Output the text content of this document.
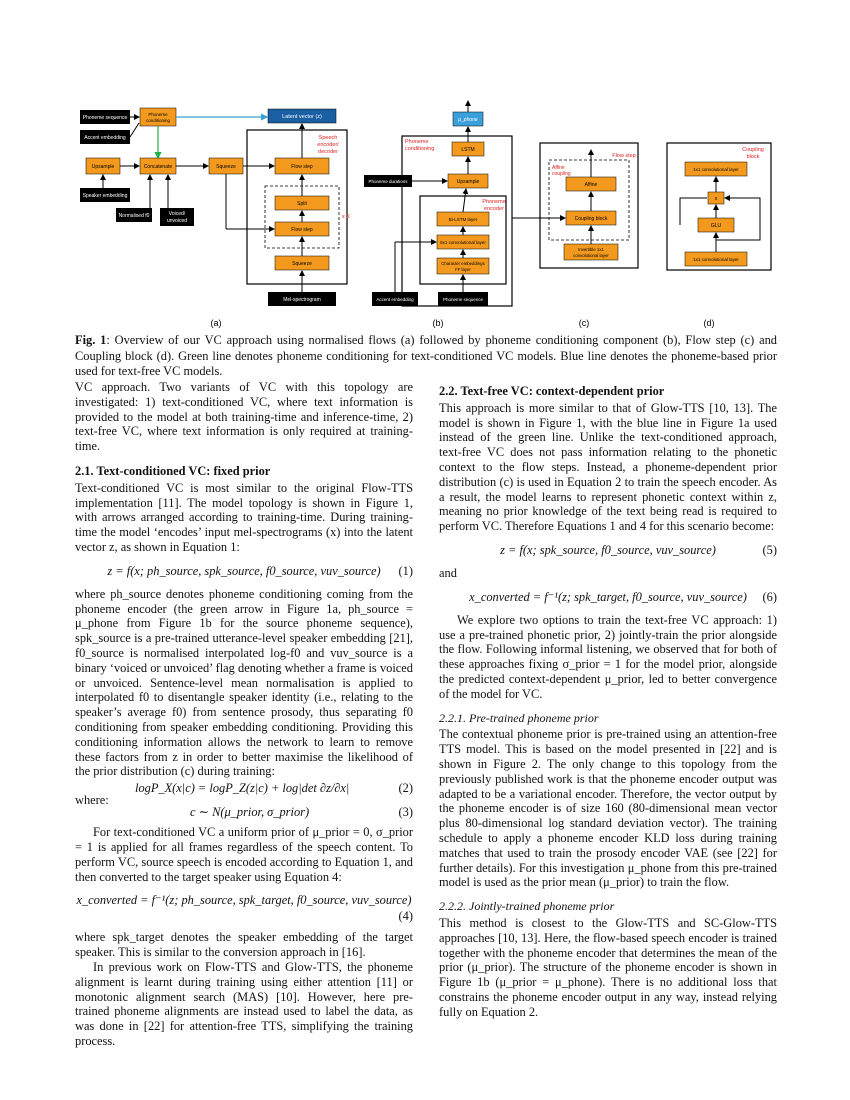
Phoneme sequence
Accent embedding
Phoneme
conditioning
Latent vector (z)
Speech
encoder/
decoder
Upsample	Concatenate	Squeeze	Flow step
Speaker embedding
Normalised f0	Voiced/
unvoiced
x K
Split
Flow step
Squeeze
Mel-spectrogram
(a)
μ_phone
Phoneme
conditioning	LSTM
Phoneme durations	Upsample
Phoneme
encoder
Bi-LSTM layer
8x1 convolutional layer
Character embeddings
FF layer
Accent embedding	Phoneme sequence
(b)
Flow step
Affine
coupling
Affine
Coupling block
Invertible 1x1
convolutional layer
(c)
Coupling
block
1x1 convolutional layer
x
GLU
1x1 convolutional layer
(d)
Fig. 1: Overview of our VC approach using normalised flows (a) followed by phoneme conditioning component (b), Flow step (c) and Coupling block (d). Green line denotes phoneme conditioning for text-conditioned VC models. Blue line denotes the phoneme-based prior used for text-free VC models.

VC approach. Two variants of VC with this topology are investigated: 1) text-conditioned VC, where text information is provided to the model at both training-time and inference-time, 2) text-free VC, where text information is only required at training-time.

2.1. Text-conditioned VC: fixed prior

Text-conditioned VC is most similar to the original Flow-TTS implementation [11]. The model topology is shown in Figure 1, with arrows arranged according to training-time. During training-time the model ‘encodes’ input mel-spectrograms (x) into the latent vector z, as shown in Equation 1:

z = f(x; ph_source, spk_source, f0_source, vuv_source) (1)

where ph_source denotes phoneme conditioning coming from the phoneme encoder (the green arrow in Figure 1a, ph_source = μ_phone from Figure 1b for the source phoneme sequence), spk_source is a pre-trained utterance-level speaker embedding [21], f0_source is normalised interpolated log-f0 and vuv_source is a binary ‘voiced or unvoiced’ flag denoting whether a frame is voiced or unvoiced. Sentence-level mean normalisation is applied to interpolated f0 to disentangle speaker identity (i.e., relating to the speaker’s average f0) from sentence prosody, thus separating f0 conditioning from speaker embedding conditioning. Providing this conditioning information allows the network to learn to remove these factors from z in order to better maximise the likelihood of the prior distribution (c) during training:

where:
logP_X(x|c) = logP_Z(z|c) + log|det ∂z/∂x|	(2)
c ∼ N(μ_prior, σ_prior)	(3)

For text-conditioned VC a uniform prior of μ_prior = 0, σ_prior = 1 is applied for all frames regardless of the speech content. To perform VC, source speech is encoded according to Equation 1, and then converted to the target speaker using Equation 4:

x_converted = f⁻¹(z; ph_source, spk_target, f0_source, vuv_source)
(4)

where spk_target denotes the speaker embedding of the target speaker. This is similar to the conversion approach in [16].

In previous work on Flow-TTS and Glow-TTS, the phoneme alignment is learnt during training using either attention [11] or monotonic alignment search (MAS) [10]. However, here pre-trained phoneme alignments are instead used to label the data, as was done in [22] for attention-free TTS, simplifying the training process.

2.2. Text-free VC: context-dependent prior

This approach is more similar to that of Glow-TTS [10, 13]. The model is shown in Figure 1, with the blue line in Figure 1a used instead of the green line. Unlike the text-conditioned approach, text-free VC does not pass information relating to the phonetic context to the flow steps. Instead, a phoneme-dependent prior distribution (c) is used in Equation 2 to train the speech encoder. As a result, the model learns to represent phonetic context within z, meaning no prior knowledge of the text being read is required to perform VC. Therefore Equations 1 and 4 for this scenario become:

z = f(x; spk_source, f0_source, vuv_source)	(5)

and

x_converted = f⁻¹(z; spk_target, f0_source, vuv_source) (6)

We explore two options to train the text-free VC approach: 1) use a pre-trained phonetic prior, 2) jointly-train the prior alongside the flow. Following informal listening, we observed that for both of these approaches fixing σ_prior = 1 for the model prior, alongside the predicted context-dependent μ_prior, led to better convergence of the model for VC.

2.2.1. Pre-trained phoneme prior

The contextual phoneme prior is pre-trained using an attention-free TTS model. This is based on the model presented in [22] and is shown in Figure 2. The only change to this topology from the previously published work is that the phoneme encoder output was adapted to be a variational encoder. Therefore, the vector output by the phoneme encoder is of size 160 (80-dimensional mean vector plus 80-dimensional log standard deviation vector). The training schedule to apply a phoneme encoder KLD loss during training matches that used to train the prosody encoder VAE (see [22] for further details). For this investigation μ_phone from this pre-trained model is used as the prior mean (μ_prior) to train the flow.

2.2.2. Jointly-trained phoneme prior

This method is closest to the Glow-TTS and SC-Glow-TTS approaches [10, 13]. Here, the flow-based speech encoder is trained together with the phoneme encoder that determines the mean of the prior (μ_prior). The structure of the phoneme encoder is shown in Figure 1b (μ_prior = μ_phone). There is no additional loss that constrains the phoneme encoder output in any way, instead relying fully on Equation 2.
